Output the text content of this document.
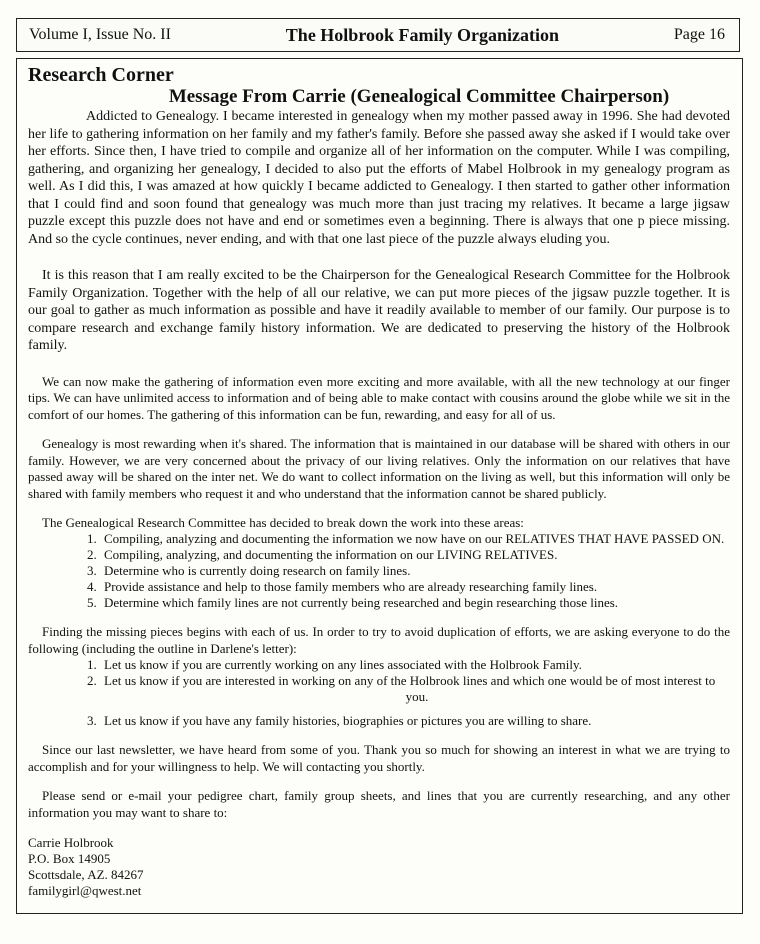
Volume I, Issue No. II	The Holbrook Family Organization	Page 16
Research Corner
Message From Carrie (Genealogical Committee Chairperson)

Addicted to Genealogy. I became interested in genealogy when my mother passed away in 1996. She had devoted her life to gathering information on her family and my father's family. Before she passed away she asked if I would take over her efforts. Since then, I have tried to compile and organize all of her information on the computer. While I was compiling, gathering, and organizing her genealogy, I decided to also put the efforts of Mabel Holbrook in my genealogy program as well. As I did this, I was amazed at how quickly I became addicted to Genealogy. I then started to gather other information that I could find and soon found that genealogy was much more than just tracing my relatives. It became a large jigsaw puzzle except this puzzle does not have and end or sometimes even a beginning. There is always that one p piece missing. And so the cycle continues, never ending, and with that one last piece of the puzzle always eluding you.

It is this reason that I am really excited to be the Chairperson for the Genealogical Research Committee for the Holbrook Family Organization. Together with the help of all our relative, we can put more pieces of the jigsaw puzzle together. It is our goal to gather as much information as possible and have it readily available to member of our family. Our purpose is to compare research and exchange family history information. We are dedicated to preserving the history of the Holbrook family.

We can now make the gathering of information even more exciting and more available, with all the new technology at our finger tips. We can have unlimited access to information and of being able to make contact with cousins around the globe while we sit in the comfort of our homes. The gathering of this information can be fun, rewarding, and easy for all of us.

Genealogy is most rewarding when it's shared. The information that is maintained in our database will be shared with others in our family. However, we are very concerned about the privacy of our living relatives. Only the information on our relatives that have passed away will be shared on the inter net. We do want to collect information on the living as well, but this information will only be shared with family members who request it and who understand that the information cannot be shared publicly.

The Genealogical Research Committee has decided to break down the work into these areas:

1. Compiling, analyzing and documenting the information we now have on our RELATIVES THAT HAVE PASSED ON.
2. Compiling, analyzing, and documenting the information on our LIVING RELATIVES.
3. Determine who is currently doing research on family lines.
4. Provide assistance and help to those family members who are already researching family lines.
5. Determine which family lines are not currently being researched and begin researching those lines.

Finding the missing pieces begins with each of us. In order to try to avoid duplication of efforts, we are asking everyone to do the following (including the outline in Darlene's letter):

1. Let us know if you are currently working on any lines associated with the Holbrook Family.
2. Let us know if you are interested in working on any of the Holbrook lines and which one would be of most interest to
you.
3. Let us know if you have any family histories, biographies or pictures you are willing to share.

Since our last newsletter, we have heard from some of you. Thank you so much for showing an interest in what we are trying to accomplish and for your willingness to help. We will contacting you shortly.

Please send or e-mail your pedigree chart, family group sheets, and lines that you are currently researching, and any other information you may want to share to:

Carrie Holbrook
P.O. Box 14905
Scottsdale, AZ. 84267
familygirl@qwest.net
